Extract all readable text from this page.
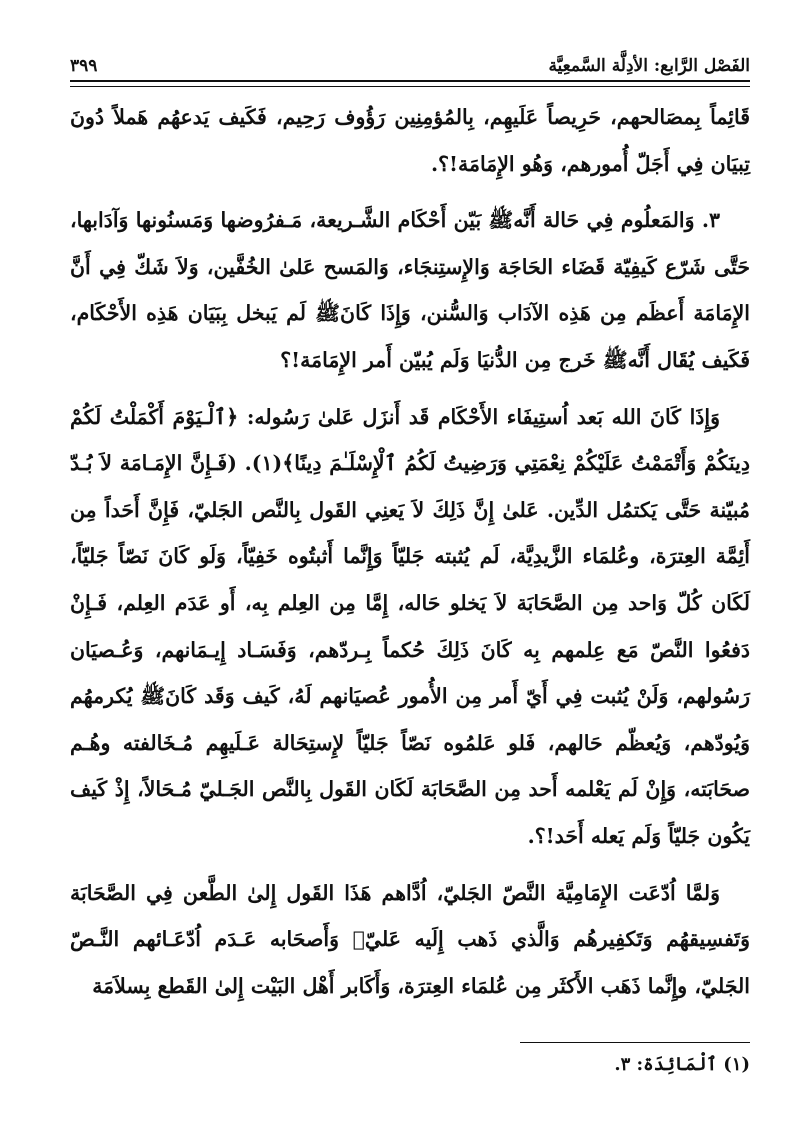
الفَصْل الرَّابع: الأدِلَّة السَّمعِيَّة
٣٩٩

قَائِماً بِمصَالحهم، حَرِيصاً عَلَيهِم، بِالمُؤمِنِين رَؤُوف رَحِيم، فَكَيف يَدعهُم هَملاً دُونَ تِبيَان فِي أَجَلّ أُمورهم، وَهُو الإِمَامَة!؟.

٣. وَالمَعلُوم فِي حَالة أَنَّهﷺ بَيّن أَحْكَام الشَّـريعة، مَـفرُوضها وَمَسنُونها وَآدَابها، حَتَّى شَرّع كَيفِيّة قَضَاء الحَاجَة وَالإِستِنجَاء، وَالمَسح عَلىٰ الخُفَّين، وَلاَ شَكّ فِي أَنَّ الإِمَامَة أَعظَم مِن هَذِه الآدَاب وَالسُّنن، وَإِذَا كَانَﷺ لَم يَبخل بِبَيَان هَذِه الأَحْكَام، فَكَيف يُقَال أَنَّهﷺ خَرج مِن الدُّنيَا وَلَم يُبيّن أَمر الإِمَامَة!؟

وَإِذَا كَانَ الله بَعد اُستِيفَاء الأَحْكَام قَد أَنزَل عَلىٰ رَسُوله: ﴿ٱلْـيَوْمَ أَكْمَلْتُ لَكُمْ دِينَكُمْ وَأَتْمَمْتُ عَلَيْكُمْ نِعْمَتِي وَرَضِيتُ لَكُمُ ٱلْإِسْلَـٰمَ دِينًا﴾(١). (فَـإِنَّ الإِمَـامَة لاَ بُـدّ مُبيّنة حَتَّى يَكتمُل الدِّين. عَلىٰ إِنَّ ذَلِكَ لاَ يَعنِي القَول بِالنَّص الجَليّ، فَإِنَّ أَحَداً مِن أَئِمَّة العِترَة، وعُلمَاء الزَّيدِيَّة، لَم يُثبته جَليّاً وَإِنَّما أَثبتُوه خَفِيّاً، وَلَو كَانَ نَصّاً جَليّاً، لَكَان كُلّ وَاحد مِن الصَّحَابَة لاَ يَخلو حَاله، إِمَّا مِن العِلم بِه، أَو عَدَم العِلم، فَـإِنْ دَفعُوا النَّصّ مَع عِلمهم بِه كَانَ ذَلِكَ حُكماً بِـردّهم، وَفَسَـاد إِيـمَانهم، وَعُـصيَان رَسُولهم، وَلَنْ يُثبت فِي أَيّ أَمر مِن الأُمور عُصيَانهم لَهُ، كَيف وَقَد كَانَﷺ يُكرمهُم وَيُودّهم، وَيُعظّم حَالهم، فَلو عَلمُوه نَصّاً جَليّاً لإِستِحَالة عَـلَيهِم مُـخَالفته وهُـم صحَابَته، وَإِنْ لَم يَعْلمه أَحد مِن الصَّحَابَة لَكَان القَول بِالنَّص الجَـليّ مُـحَالاً، إِذْ كَيف يَكُون جَليّاً وَلَم يَعله أَحَد!؟.

وَلمَّا اُدّعَت الإِمَامِيَّة النَّصّ الجَليّ، اُدَّاهم هَذَا القَول إِلىٰ الطَّعن فِي الصَّحَابَة وَتَفسِيقهُم وَتَكفِيرهُم وَالَّذي ذَهب إِلَيه عَليّ﷤ وَأَصحَابه عَـدَم اُدّعَـائهم النَّـصّ الجَليّ، وإِنَّما ذَهَب الأَكثَر مِن عُلمَاء العِترَة، وَأَكَابر أَهْل البَيْت إِلىٰ القَطع بِسلاَمَة

(١) ٱلْمَائِدَة: ٣.
